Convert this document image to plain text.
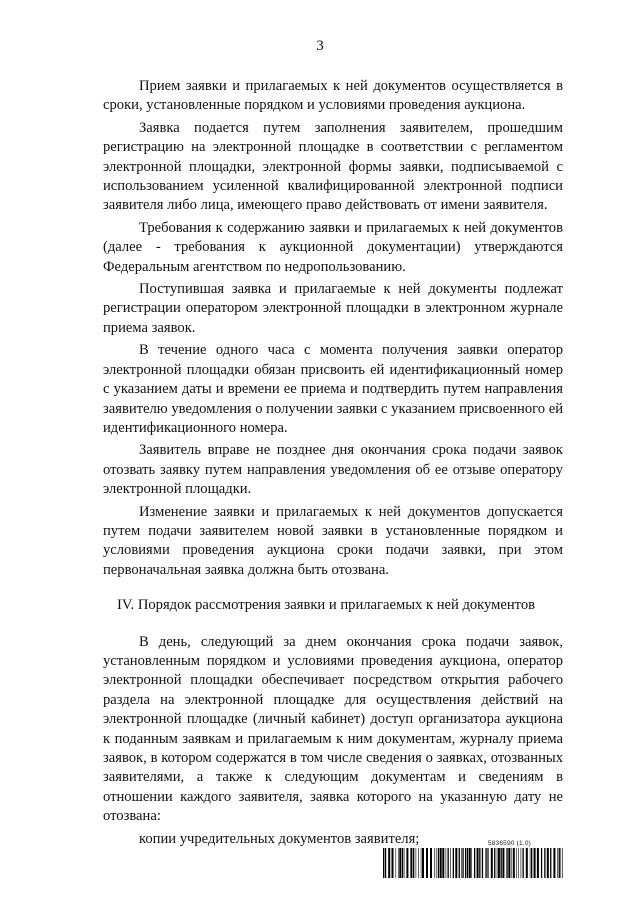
3

Прием заявки и прилагаемых к ней документов осуществляется в сроки, установленные порядком и условиями проведения аукциона.

Заявка подается путем заполнения заявителем, прошедшим регистрацию на электронной площадке в соответствии с регламентом электронной площадки, электронной формы заявки, подписываемой с использованием усиленной квалифицированной электронной подписи заявителя либо лица, имеющего право действовать от имени заявителя.

Требования к содержанию заявки и прилагаемых к ней документов (далее - требования к аукционной документации) утверждаются Федеральным агентством по недропользованию.

Поступившая заявка и прилагаемые к ней документы подлежат регистрации оператором электронной площадки в электронном журнале приема заявок.

В течение одного часа с момента получения заявки оператор электронной площадки обязан присвоить ей идентификационный номер с указанием даты и времени ее приема и подтвердить путем направления заявителю уведомления о получении заявки с указанием присвоенного ей идентификационного номера.

Заявитель вправе не позднее дня окончания срока подачи заявок отозвать заявку путем направления уведомления об ее отзыве оператору электронной площадки.

Изменение заявки и прилагаемых к ней документов допускается путем подачи заявителем новой заявки в установленные порядком и условиями проведения аукциона сроки подачи заявки, при этом первоначальная заявка должна быть отозвана.

IV. Порядок рассмотрения заявки и прилагаемых к ней документов

В день, следующий за днем окончания срока подачи заявок, установленным порядком и условиями проведения аукциона, оператор электронной площадки обеспечивает посредством открытия рабочего раздела на электронной площадке для осуществления действий на электронной площадке (личный кабинет) доступ организатора аукциона к поданным заявкам и прилагаемым к ним документам, журналу приема заявок, в котором содержатся в том числе сведения о заявках, отозванных заявителями, а также к следующим документам и сведениям в отношении каждого заявителя, заявка которого на указанную дату не отозвана:

копии учредительных документов заявителя;	5836590 (1.0)
